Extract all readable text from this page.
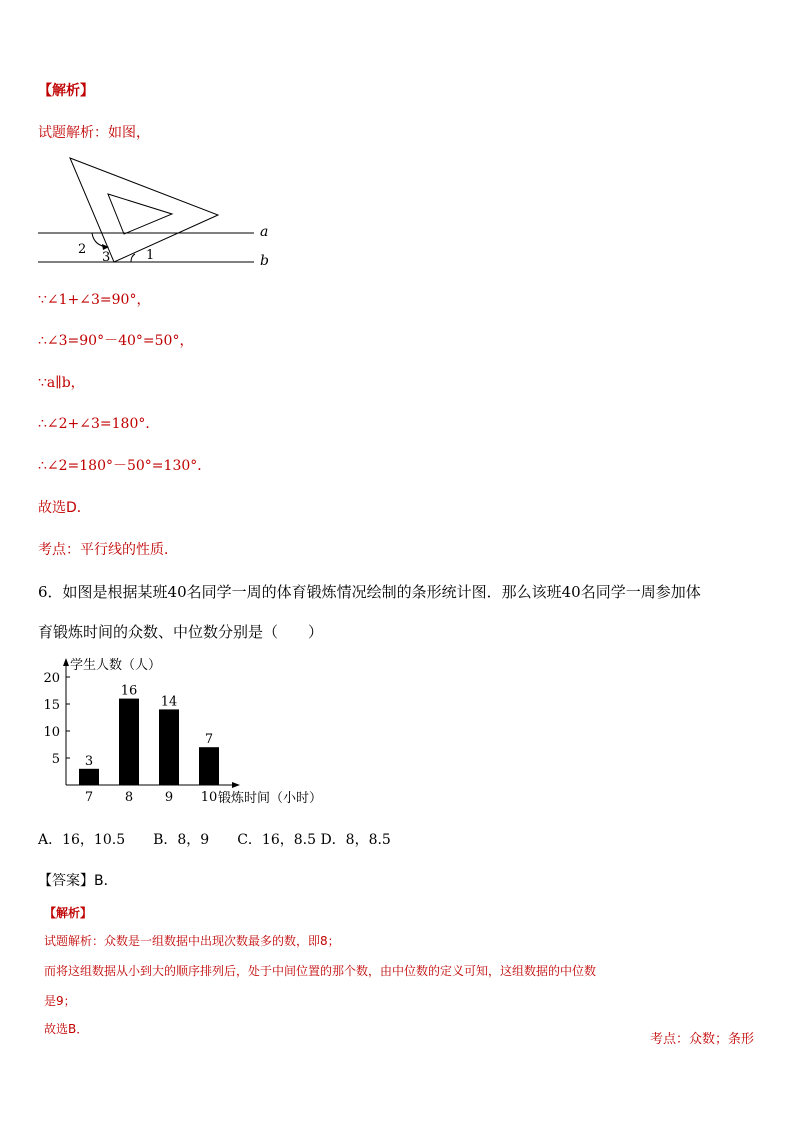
【解析】
试题解析：如图，
a
b
1
2
3
∵∠1+∠3=90°，
∴∠3=90°－40°=50°，
∵a∥b，
∴∠2+∠3=180°．
∴∠2=180°－50°=130°．
故选D．
考点：平行线的性质．
6．如图是根据某班40名同学一周的体育锻炼情况绘制的条形统计图．那么该班40名同学一周参加体
育锻炼时间的众数、中位数分别是（　　）
5
10
15
20
3
7
16
8
14
9
7
10
学生人数（人）
锻炼时间（小时）
A．16，10.5　　B．8，9　　C．16，8.5 D．8，8.5
【答案】B．
【解析】
试题解析：众数是一组数据中出现次数最多的数，即8；
而将这组数据从小到大的顺序排列后，处于中间位置的那个数，由中位数的定义可知，这组数据的中位数
是9；
故选B．
考点：众数；条形
